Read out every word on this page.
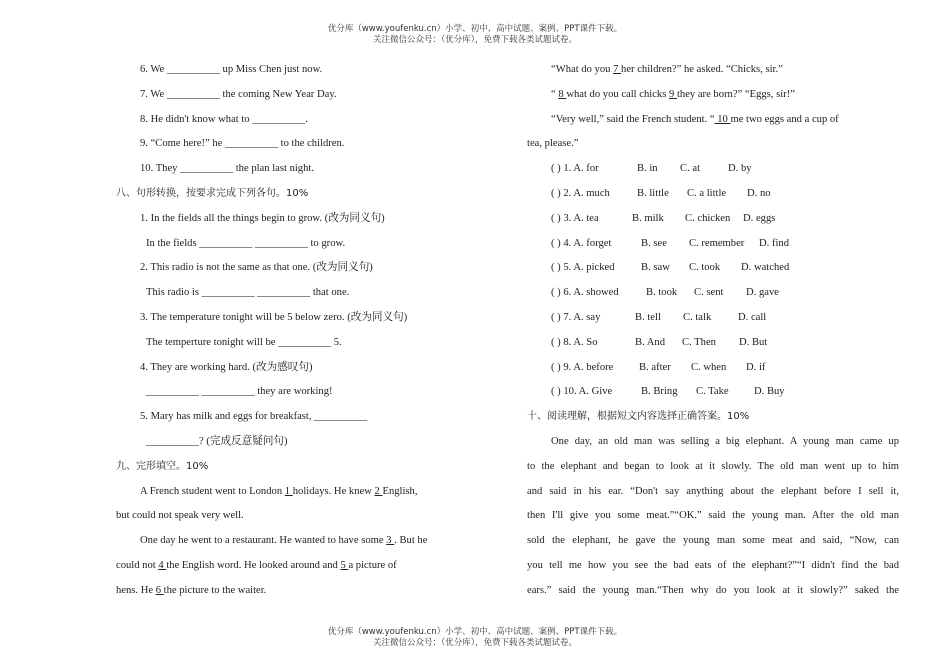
优分库（www.youfenku.cn）小学、初中、高中试题、案例、PPT课件下载。
关注微信公众号：（优分库），免费下载各类试题试卷。
6. We __________ up Miss Chen just now.
7. We __________ the coming New Year Day.
8. He didn't know what to __________.
9. “Come here!” he __________ to the children.
10. They __________ the plan last night.
八、句形转换，按要求完成下列各句。10%
1. In the fields all the things begin to grow. (改为同义句)
In the fields __________ __________ to grow.
2. This radio is not the same as that one. (改为同义句)
This radio is __________ __________ that one.
3. The temperature tonight will be 5 below zero. (改为同义句)
The temperture tonight will be __________ 5.
4. They are working hard. (改为感叹句)
__________ __________ they are working!
5. Mary has milk and eggs for breakfast, __________
__________? (完成反意疑问句)
九、完形填空。10%
A French student went to London 1 holidays. He knew 2 English,
but could not speak very well.
One day he went to a restaurant. He wanted to have some 3 . But he
could not 4 the English word. He looked around and 5 a picture of
hens. He 6 the picture to the waiter.
“What do you 7 her children?” he asked. “Chicks, sir.”
“ 8 what do you call chicks 9 they are born?” “Eggs, sir!”
“Very well,” said the French student. “ 10 me two eggs and a cup of
tea, please.”
( ) 1. A. for	B. in C. at	D. by
( ) 2. A. much	B. little C. a little D. no
( ) 3. A. tea	B. milk C. chicken D. eggs
( ) 4. A. forget	B. see C. remember D. find
( ) 5. A. picked B. saw C. took D. watched
( ) 6. A. showed	B. took C. sent D. gave
( ) 7. A. say	B. tell C. talk	D. call
( ) 8. A. So	B. And C. Then D. But
( ) 9. A. before B. after C. when D. if
( ) 10. A. Give	B. Bring C. Take D. Buy
十、阅读理解，根据短文内容选择正确答案。10%
One day, an old man was selling a big elephant. A young man came up
to the elephant and began to look at it slowly. The old man went up to him
and said in his ear. “Don't say anything about the elephant before I sell it,
then I'll give you some meat.”“OK.” said the young man. After the old man
sold the elephant, he gave the young man some meat and said, “Now, can
you tell me how you see the bad eats of the elephant?”“I didn't find the bad
ears.” said the young man.“Then why do you look at it slowly?” saked the
优分库（www.youfenku.cn）小学、初中、高中试题、案例、PPT课件下载。
关注微信公众号：（优分库），免费下载各类试题试卷。
